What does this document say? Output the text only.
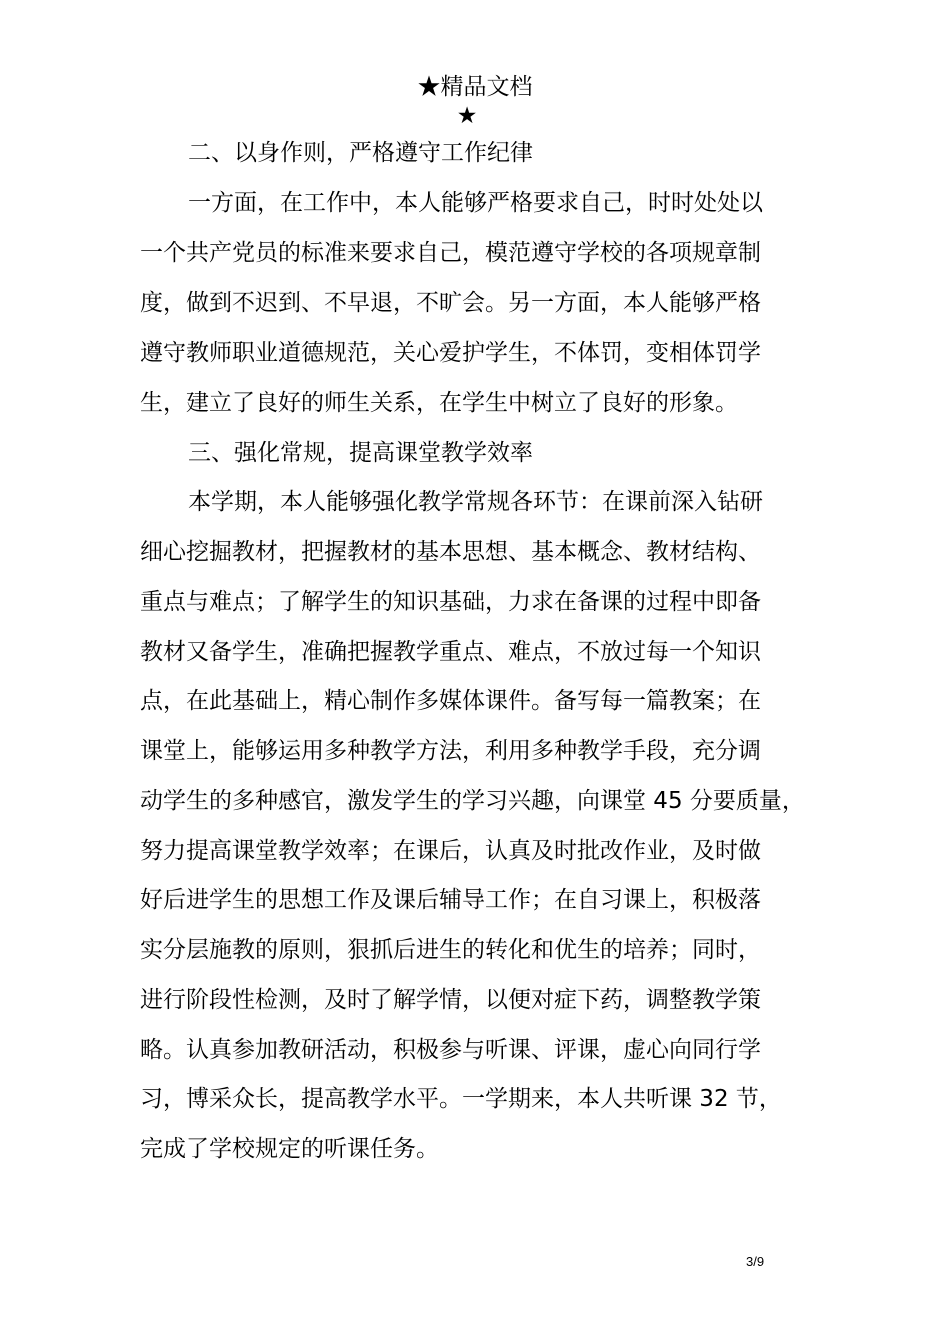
★精品文档
★
二、以身作则，严格遵守工作纪律
一方面，在工作中，本人能够严格要求自己，时时处处以
一个共产党员的标准来要求自己，模范遵守学校的各项规章制
度，做到不迟到、不早退，不旷会。另一方面，本人能够严格
遵守教师职业道德规范，关心爱护学生，不体罚，变相体罚学
生，建立了良好的师生关系，在学生中树立了良好的形象。
三、强化常规，提高课堂教学效率
本学期，本人能够强化教学常规各环节：在课前深入钻研
细心挖掘教材，把握教材的基本思想、基本概念、教材结构、
重点与难点；了解学生的知识基础，力求在备课的过程中即备
教材又备学生，准确把握教学重点、难点，不放过每一个知识
点，在此基础上，精心制作多媒体课件。备写每一篇教案；在
课堂上，能够运用多种教学方法，利用多种教学手段，充分调
动学生的多种感官，激发学生的学习兴趣，向课堂 45 分要质量，
努力提高课堂教学效率；在课后，认真及时批改作业，及时做
好后进学生的思想工作及课后辅导工作；在自习课上，积极落
实分层施教的原则，狠抓后进生的转化和优生的培养；同时，
进行阶段性检测，及时了解学情，以便对症下药，调整教学策
略。认真参加教研活动，积极参与听课、评课，虚心向同行学
习，博采众长，提高教学水平。一学期来，本人共听课 32 节，
完成了学校规定的听课任务。
3/9
